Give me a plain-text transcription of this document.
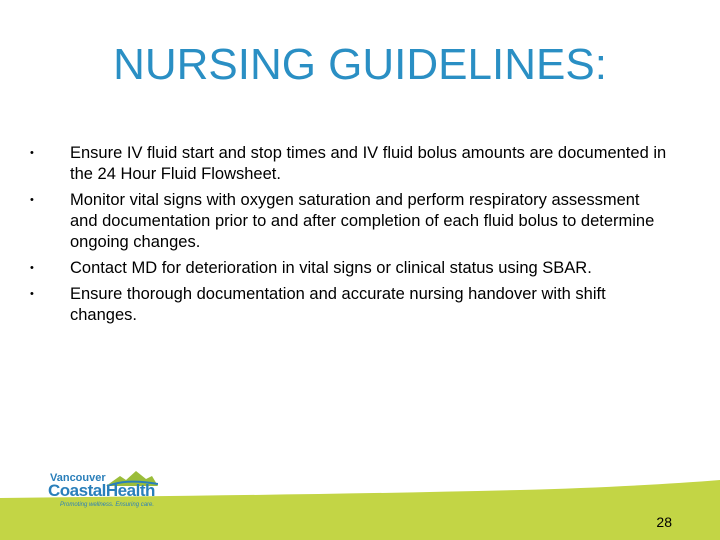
NURSING GUIDELINES:
• Ensure IV fluid start and stop times and IV fluid bolus amounts are documented in the 24 Hour Fluid Flowsheet.
• Monitor vital signs with oxygen saturation and perform respiratory assessment and documentation prior to and after completion of each fluid bolus to determine ongoing changes.
• Contact MD for deterioration in vital signs or clinical status using SBAR.
• Ensure thorough documentation and accurate nursing handover with shift changes.
Vancouver
CoastalHealth
Promoting wellness. Ensuring care.
28
